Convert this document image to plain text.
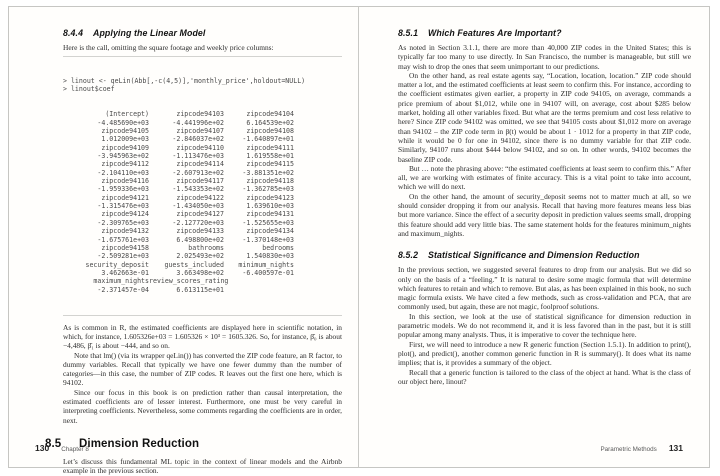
8.4.4 Applying the Linear Model

Here is the call, omitting the square footage and weekly price columns:

> linout <- qeLin(Abb[,-c(4,5)],'monthly_price',holdout=NULL)
> linout$coef

(Intercept)	zipcode94103	zipcode94104
-4.485690e+03	-4.441996e+02	6.164539e+02
zipcode94105	zipcode94107	zipcode94108
1.012009e+03	-2.846037e+02	-1.640897e+01
zipcode94109	zipcode94110	zipcode94111
-3.945963e+02	-1.113476e+03	1.619558e+01
zipcode94112	zipcode94114	zipcode94115
-2.104110e+03	-2.607913e+02	-3.881351e+02
zipcode94116	zipcode94117	zipcode94118
-1.959336e+03	-1.543353e+02	-1.362785e+03
zipcode94121	zipcode94122	zipcode94123
-1.315476e+03	-1.434050e+03	1.639610e+03
zipcode94124	zipcode94127	zipcode94131
-2.309765e+03	-2.127720e+03	-1.525655e+03
zipcode94132	zipcode94133	zipcode94134
-1.675761e+03	6.498800e+02	-1.370148e+03
zipcode94158	bathrooms	bedrooms
-2.509281e+03	2.025493e+02	1.540830e+03
security_deposit	guests_included	minimum_nights
3.462663e-01	3.663498e+02	-6.400597e-01
maximum_nights review_scores_rating
-2.371457e-04	6.613115e+01

As is common in R, the estimated coefficients are displayed here in scientific notation, in which, for instance, 1.605326e+03 = 1.605326 × 10³ = 1605.326. So, for instance, β̂₀ is about −4,486, β̂₁ is about −444, and so on.

Note that lm() (via its wrapper qeLin()) has converted the ZIP code feature, an R factor, to dummy variables. Recall that typically we have one fewer dummy than the number of categories—in this case, the number of ZIP codes. R leaves out the first one here, which is 94102.

Since our focus in this book is on prediction rather than causal interpretation, the estimated coefficients are of lesser interest. Furthermore, one must be very careful in interpreting coefficients. Nevertheless, some comments regarding the coefficients are in order, next.

8.5 Dimension Reduction

Let’s discuss this fundamental ML topic in the context of linear models and the Airbnb example in the previous section.

130 Chapter 8
8.5.1 Which Features Are Important?

As noted in Section 3.1.1, there are more than 40,000 ZIP codes in the United States; this is typically far too many to use directly. In San Francisco, the number is manageable, but still we may wish to drop the ones that seem unimportant to our predictions.

On the other hand, as real estate agents say, “Location, location, location.” ZIP code should matter a lot, and the estimated coefficients at least seem to confirm this. For instance, according to the coefficient estimates given earlier, a property in ZIP code 94105, on average, commands a price premium of about $1,012, while one in 94107 will, on average, cost about $285 below market, holding all other variables fixed. But what are the terms premium and cost less relative to here? Since ZIP code 94102 was omitted, we see that 94105 costs about $1,012 more on average than 94102 – the ZIP code term in β(t) would be about 1 · 1012 for a property in that ZIP code, while it would be 0 for one in 94102, since there is no dummy variable for that ZIP code. Similarly, 94107 runs about $444 below 94102, and so on. In other words, 94102 becomes the baseline ZIP code.

But … note the phrasing above: “the estimated coefficients at least seem to confirm this.” After all, we are working with estimates of finite accuracy. This is a vital point to take into account, which we will do next.

On the other hand, the amount of security_deposit seems not to matter much at all, so we should consider dropping it from our analysis. Recall that having more features means less bias but more variance. Since the effect of a security deposit in prediction values seems small, dropping this feature should add very little bias. The same statement holds for the features minimum_nights and maximum_nights.

8.5.2 Statistical Significance and Dimension Reduction

In the previous section, we suggested several features to drop from our analysis. But we did so only on the basis of a “feeling.” It is natural to desire some magic formula that will determine which features to retain and which to remove. But alas, as has been explained in this book, no such magic formula exists. We have cited a few methods, such as cross-validation and PCA, that are commonly used, but again, these are not magic, foolproof solutions.

In this section, we look at the use of statistical significance for dimension reduction in parametric models. We do not recommend it, and it is less favored than in the past, but it is still popular among many analysts. Thus, it is imperative to cover the technique here.

First, we will need to introduce a new R generic function (Section 1.5.1). In addition to print(), plot(), and predict(), another common generic function in R is summary(). It does what its name implies; that is, it provides a summary of the object.

Recall that a generic function is tailored to the class of the object at hand. What is the class of our object here, linout?

Parametric Methods 131
